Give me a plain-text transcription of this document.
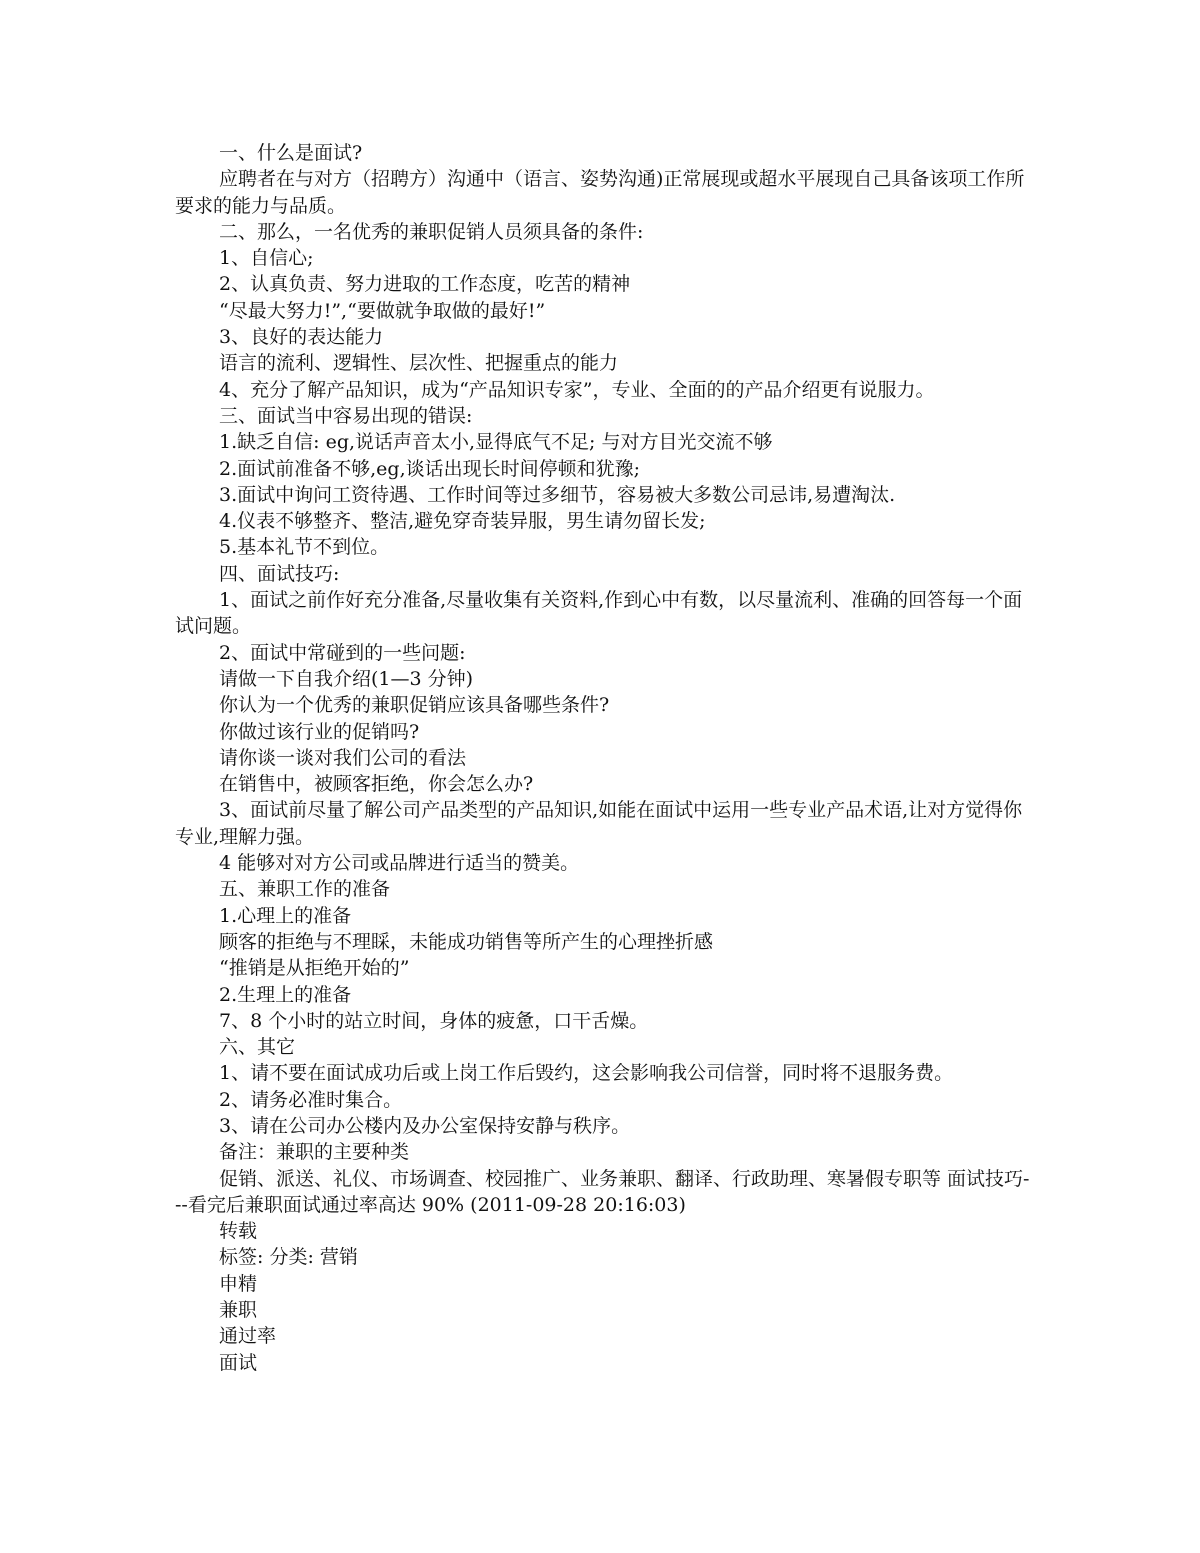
一、什么是面试?

应聘者在与对方（招聘方）沟通中（语言、姿势沟通)正常展现或超水平展现自己具备该项工作所要求的能力与品质。

二、那么，一名优秀的兼职促销人员须具备的条件:

1、自信心;

2、认真负责、努力进取的工作态度，吃苦的精神

“尽最大努力!”,“要做就争取做的最好!”

3、良好的表达能力

语言的流利、逻辑性、层次性、把握重点的能力

4、充分了解产品知识，成为“产品知识专家”，专业、全面的的产品介绍更有说服力。

三、面试当中容易出现的错误:

1.缺乏自信: eg,说话声音太小,显得底气不足; 与对方目光交流不够

2.面试前准备不够,eg,谈话出现长时间停顿和犹豫;

3.面试中询问工资待遇、工作时间等过多细节，容易被大多数公司忌讳,易遭淘汰.

4.仪表不够整齐、整洁,避免穿奇装异服，男生请勿留长发;

5.基本礼节不到位。

四、面试技巧:

1、面试之前作好充分准备,尽量收集有关资料,作到心中有数，以尽量流利、准确的回答每一个面试问题。

2、面试中常碰到的一些问题:

请做一下自我介绍(1—3 分钟)

你认为一个优秀的兼职促销应该具备哪些条件?

你做过该行业的促销吗?

请你谈一谈对我们公司的看法

在销售中，被顾客拒绝，你会怎么办?

3、面试前尽量了解公司产品类型的产品知识,如能在面试中运用一些专业产品术语,让对方觉得你专业,理解力强。

4 能够对对方公司或品牌进行适当的赞美。

五、兼职工作的准备

1.心理上的准备

顾客的拒绝与不理睬，未能成功销售等所产生的心理挫折感

“推销是从拒绝开始的”

2.生理上的准备

7、8 个小时的站立时间，身体的疲惫，口干舌燥。

六、其它

1、请不要在面试成功后或上岗工作后毁约，这会影响我公司信誉，同时将不退服务费。

2、请务必准时集合。

3、请在公司办公楼内及办公室保持安静与秩序。

备注：兼职的主要种类

促销、派送、礼仪、市场调查、校园推广、业务兼职、翻译、行政助理、寒暑假专职等 面试技巧---看完后兼职面试通过率高达 90% (2011-09-28 20:16:03)

转载

标签: 分类: 营销

申精

兼职

通过率

面试
